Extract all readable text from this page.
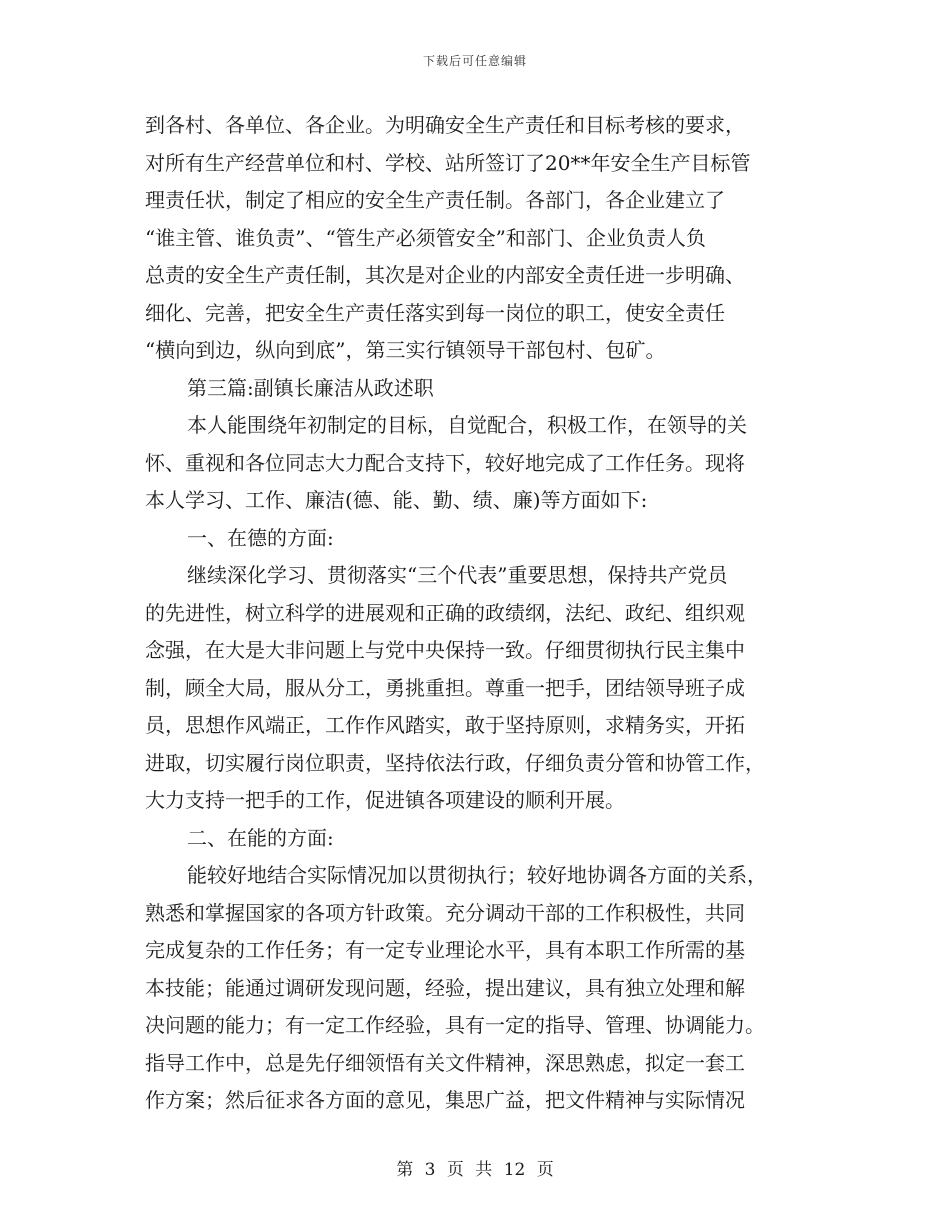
下载后可任意编辑
到各村、各单位、各企业。为明确安全生产责任和目标考核的要求，
对所有生产经营单位和村、学校、站所签订了20**年安全生产目标管
理责任状，制定了相应的安全生产责任制。各部门，各企业建立了
“谁主管、谁负责”、“管生产必须管安全”和部门、企业负责人负
总责的安全生产责任制，其次是对企业的内部安全责任进一步明确、
细化、完善，把安全生产责任落实到每一岗位的职工，使安全责任
“横向到边，纵向到底”，第三实行镇领导干部包村、包矿。
第三篇:副镇长廉洁从政述职
本人能围绕年初制定的目标，自觉配合，积极工作，在领导的关
怀、重视和各位同志大力配合支持下，较好地完成了工作任务。现将
本人学习、工作、廉洁(德、能、勤、绩、廉)等方面如下:
一、在德的方面:
继续深化学习、贯彻落实“三个代表”重要思想，保持共产党员
的先进性，树立科学的进展观和正确的政绩纲，法纪、政纪、组织观
念强，在大是大非问题上与党中央保持一致。仔细贯彻执行民主集中
制，顾全大局，服从分工，勇挑重担。尊重一把手，团结领导班子成
员，思想作风端正，工作作风踏实，敢于坚持原则，求精务实，开拓
进取，切实履行岗位职责，坚持依法行政，仔细负责分管和协管工作，
大力支持一把手的工作，促进镇各项建设的顺利开展。
二、在能的方面:
能较好地结合实际情况加以贯彻执行；较好地协调各方面的关系，
熟悉和掌握国家的各项方针政策。充分调动干部的工作积极性，共同
完成复杂的工作任务；有一定专业理论水平，具有本职工作所需的基
本技能；能通过调研发现问题，经验，提出建议，具有独立处理和解
决问题的能力；有一定工作经验，具有一定的指导、管理、协调能力。
指导工作中，总是先仔细领悟有关文件精神，深思熟虑，拟定一套工
作方案；然后征求各方面的意见，集思广益，把文件精神与实际情况
第 3 页 共 12 页
